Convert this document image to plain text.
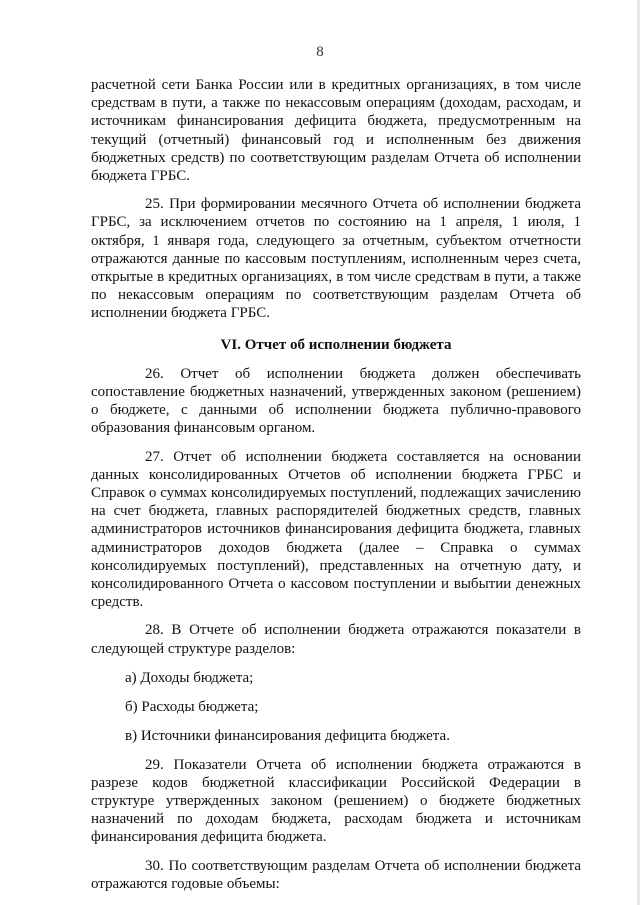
8

расчетной сети Банка России или в кредитных организациях, в том числе средствам в пути, а также по некассовым операциям (доходам, расходам, и источникам финансирования дефицита бюджета, предусмотренным на текущий (отчетный) финансовый год и исполненным без движения бюджетных средств) по соответствующим разделам Отчета об исполнении бюджета ГРБС.

25. При формировании месячного Отчета об исполнении бюджета ГРБС, за исключением отчетов по состоянию на 1 апреля, 1 июля, 1 октября, 1 января года, следующего за отчетным, субъектом отчетности отражаются данные по кассовым поступлениям, исполненным через счета, открытые в кредитных организациях, в том числе средствам в пути, а также по некассовым операциям по соответствующим разделам Отчета об исполнении бюджета ГРБС.

VI. Отчет об исполнении бюджета

26. Отчет об исполнении бюджета должен обеспечивать сопоставление бюджетных назначений, утвержденных законом (решением) о бюджете, с данными об исполнении бюджета публично-правового образования финансовым органом.

27. Отчет об исполнении бюджета составляется на основании данных консолидированных Отчетов об исполнении бюджета ГРБС и Справок о суммах консолидируемых поступлений, подлежащих зачислению на счет бюджета, главных распорядителей бюджетных средств, главных администраторов источников финансирования дефицита бюджета, главных администраторов доходов бюджета (далее – Справка о суммах консолидируемых поступлений), представленных на отчетную дату, и консолидированного Отчета о кассовом поступлении и выбытии денежных средств.

28. В Отчете об исполнении бюджета отражаются показатели в следующей структуре разделов:

а) Доходы бюджета;

б) Расходы бюджета;

в) Источники финансирования дефицита бюджета.

29. Показатели Отчета об исполнении бюджета отражаются в разрезе кодов бюджетной классификации Российской Федерации в структуре утвержденных законом (решением) о бюджете бюджетных назначений по доходам бюджета, расходам бюджета и источникам финансирования дефицита бюджета.

30. По соответствующим разделам Отчета об исполнении бюджета отражаются годовые объемы:
